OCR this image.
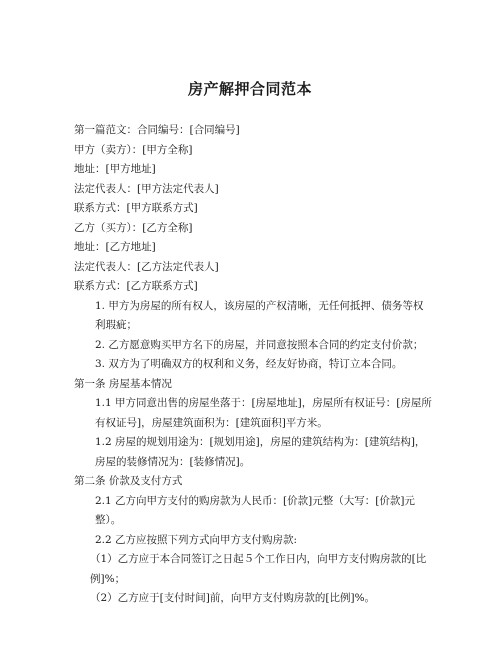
房产解押合同范本
第一篇范文：合同编号：[合同编号]
甲方（卖方）：[甲方全称]
地址：[甲方地址]
法定代表人：[甲方法定代表人]
联系方式：[甲方联系方式]
乙方（买方）：[乙方全称]
地址：[乙方地址]
法定代表人：[乙方法定代表人]
联系方式：[乙方联系方式]
1. 甲方为房屋的所有权人，该房屋的产权清晰，无任何抵押、债务等权利瑕疵；
2. 乙方愿意购买甲方名下的房屋，并同意按照本合同的约定支付价款；
3. 双方为了明确双方的权利和义务，经友好协商，特订立本合同。
第一条 房屋基本情况
1.1 甲方同意出售的房屋坐落于：[房屋地址]，房屋所有权证号：[房屋所有权证号]，房屋建筑面积为：[建筑面积]平方米。
1.2 房屋的规划用途为：[规划用途]，房屋的建筑结构为：[建筑结构]，房屋的装修情况为：[装修情况]。
第二条 价款及支付方式
2.1 乙方向甲方支付的购房款为人民币：[价款]元整（大写：[价款]元整）。
2.2 乙方应按照下列方式向甲方支付购房款:
（1）乙方应于本合同签订之日起５个工作日内，向甲方支付购房款的[比例]%；
（2）乙方应于[支付时间]前，向甲方支付购房款的[比例]%。
